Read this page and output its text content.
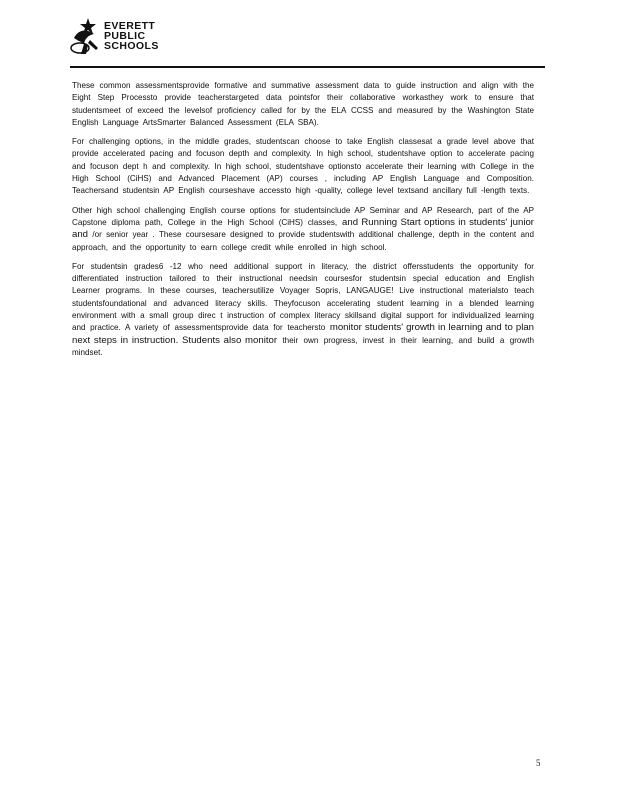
EVERETT
PUBLIC
SCHOOLS

These common assessmentsprovide formative and summative assessment data to guide instruction and align with the Eight Step Processto provide teacherstargeted data pointsfor their collaborative workasthey work to ensure that studentsmeet of exceed the levelsof proficiency called for by the ELA CCSS and measured by the Washington State English Language ArtsSmarter Balanced Assessment (ELA SBA).

For challenging options, in the middle grades, studentscan choose to take English classesat a grade level above that provide accelerated pacing and focuson depth and complexity. In high school, studentshave option to accelerate pacing and focuson dept h and complexity. In high school, studentshave optionsto accelerate their learning with College in the High School (CiHS) and Advanced Placement (AP) courses , including AP English Language and Composition. Teachersand studentsin AP English courseshave accessto high -quality, college level textsand ancillary full -length texts.

Other high school challenging English course options for studentsinclude AP Seminar and AP Research, part of the AP Capstone diploma path, College in the High School (CiHS) classes, and Running Start options in students' junior and /or senior year . These coursesare designed to provide studentswith additional challenge, depth in the content and approach, and the opportunity to earn college credit while enrolled in high school.

For studentsin grades6 -12 who need additional support in literacy, the district offersstudents the opportunity for differentiated instruction tailored to their instructional needsin coursesfor studentsin special education and English Learner programs. In these courses, teachersutilize Voyager Sopris, LANGAUGE! Live instructional materialsto teach studentsfoundational and advanced literacy skills. Theyfocuson accelerating student learning in a blended learning environment with a small group direc t instruction of complex literacy skillsand digital support for individualized learning and practice. A variety of assessmentsprovide data for teachersto monitor students' growth in learning and to plan next steps in instruction. Students also monitor their own progress, invest in their learning, and build a growth mindset.

5
